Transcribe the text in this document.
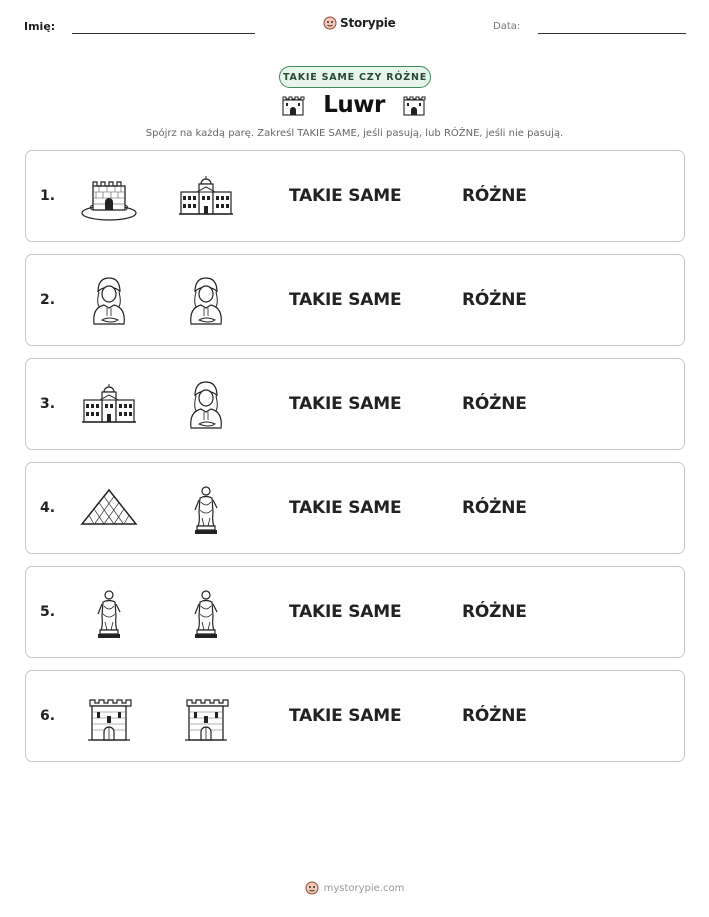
Imię:	Storypie	Data:
TAKIE SAME CZY RÓŻNE
Luwr
Spójrz na każdą parę. Zakreśl TAKIE SAME, jeśli pasują, lub RÓŻNE, jeśli nie pasują.
1.	TAKIE SAME	RÓŻNE
2.	TAKIE SAME	RÓŻNE
3.	TAKIE SAME	RÓŻNE
4.	TAKIE SAME	RÓŻNE
5.	TAKIE SAME	RÓŻNE
6.	TAKIE SAME	RÓŻNE
mystorypie.com
